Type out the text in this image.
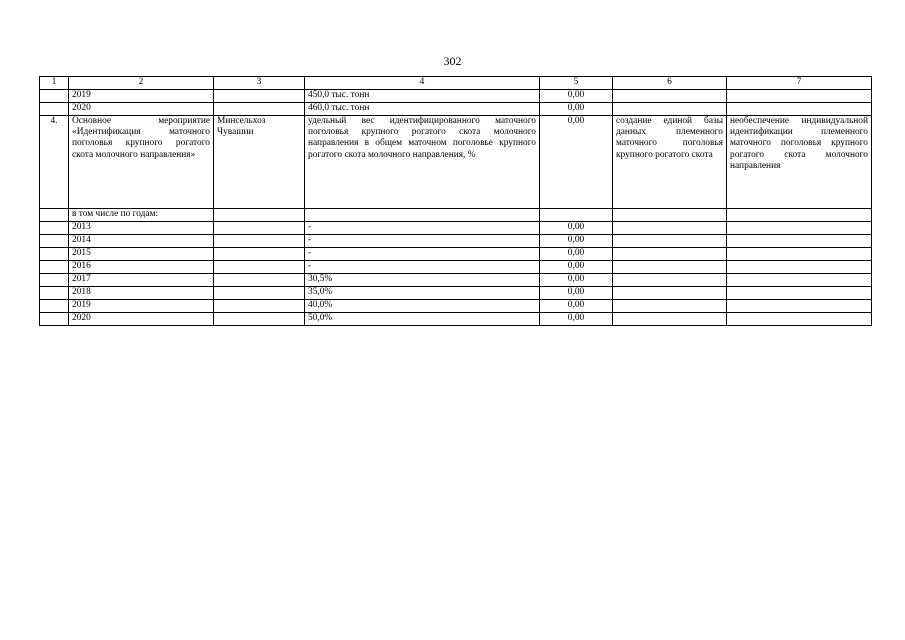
302
1	2	3	4	5	6	7
	2019		450,0 тыс. тонн	0,00		
	2020		460,0 тыс. тонн	0,00		
4.	Основное мероприятие «Идентификация маточного поголовья крупного рогатого скота молочного направления»	Минсельхоз Чувашии	удельный вес идентифицированного маточного поголовья крупного рогатого скота молочного направления в общем маточном поголовье крупного рогатого скота молочного направления, %	0,00	создание единой базы данных племенного маточного поголовья крупного рогатого скота	необеспечение индивидуальной идентификации племенного маточного поголовья крупного рогатого скота молочного направления
	в том числе по годам:					
	2013		-	0,00		
	2014		-	0,00		
	2015		-	0,00		
	2016		-	0,00		
	2017		30,5%	0,00		
	2018		35,0%	0,00		
	2019		40,0%	0,00		
	2020		50,0%	0,00		
